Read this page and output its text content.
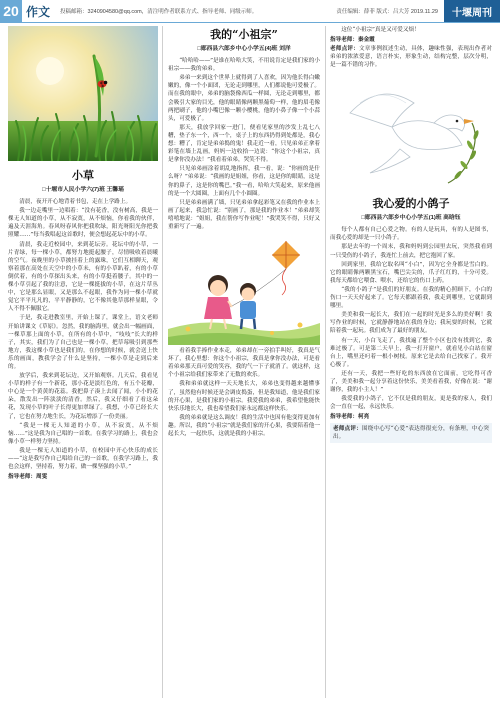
20 作文 投稿邮箱：3240904580@qq.com，清注明作者联系方式、指导老师、同级示师。	责任编辑：薛菲 版式：吕大芳 2019.11.29	十堰周刊
小草
□十堰市人民小学六(7)班 王馨瑶

清晨，夜开开心地背着书包，走在上学路上。

我一边走嘴里一边唱着：“没有花香，没有树高，我是一棵无人知道的小草，从不寂寞，从不烦恼，你看我的伙伴，遍及天涯海角。春风呀春风你把我吹绿，阳光呀阳光你把我照耀……”每当我唱起这首歌时，便会想起花坛中的小草。

清晨，我走近校园中，来到花坛旁。花坛中的小草，一片青绿，每一棵小草，都努力地挺起腰子，尽情吸收着晨曦的空气。夜晚里的小草披挂着上的露珠，它们互相聊天，观察着那在高处在天空中的小草未，有的小草趴着，有的小草倒伏着，有的小草探出头来，有的小草挺着腰子。其中的一棵小草引起了我的注意，它是一棵挺拔的小草，在这片草丛中，它是那么显眼，又是那么不起眼，我作为同一棵小草就觉它平平凡凡的，平平静静的，它不像其他草那样显眼，令人不得不佩服它。

于是，我走进教室里，开始上课了，课堂上，语文老师开始讲课文《草原》。忽然，我的脑海里，就会出一幅画面，一棵草那上面的小草，在所有的小草中，“吱吱”长大的样子，其实，我们为了自己也是一棵小草，把草莓吸引到那些地方，我这棵小草也是我们的，在你想的时候，就会送上快乐的画面，教我学会了什么是坚持，一棵小草是走到后来的。

放学后，我来到花坛边，又开始观察。几天后，我看见小草的样子有一个新花，那小花是淡红色的，有五个花瓣，中心是一个黄黄的花蕊。我把鼻子凑上去闻了闻，小小的花朵，散发出一阵淡淡的清香。然后，我又仔细看了看这朵花，发现小草的叶子长得更加翠绿了。我想，小草已经长大了，它也在努力地生长，为花坛增添了一份美丽。

“我是一棵无人知道的小草，从不寂寞，从不烦恼……”这是我为自己唱的一首歌。在我学习的路上，我也会像小草一样努力坚持。

我是一棵无人知道的小草，在校园中开心快乐的成长——“这是我写作自己唱给自己的一首歌，在我学习路上，我也会这样，坚持着，努力着，做一棵坚强的小草。”

指导老师：周雯
我的“小祖宗”
□郧西县六郎乡中心小学五(4)班 刘洋

“哈哈哈——”是谁在哈哈大笑，不用说肯定是我们家的小祖宗——我的弟弟。

弟弟一来到这个世界上就得到了人喜欢，因为他长得白嫩嫩的，像一个小面团，无论走到哪里，人们都说他可爱极了。而在我的眼中，弟弟的脑袋像西瓜一样圆，无论走到哪里，都会吸引大家的目光，他的眼睛像两颗黑葡萄一样，他的眉毛像两把刷子，他的小嘴巴像一颗小樱桃，他的小鼻子像一个小蒜头，可爱极了。

那天，我放学回家一进门，便看见家里的沙发上乱七八糟，垫子东一个，西一个，桌子上的东西扔得到处都是，我心想：糟了，肯定是弟弟捣的鬼！我走近一看，只见弟弟正拿着彩笔在墙上乱画，妈妈一边收拾一边说：“你这个小祖宗，真是拿你没办法！”我看着弟弟，哭笑不得。

只见弟弟画涂着胡乱地指挥，我一看，说：“你画的是什么呀？”弟弟说：“我画的是姐姐，你看，这是你的眼睛，这是你的鼻子，这是你的嘴巴。”我一看，哈哈大笑起来，原来他画的是一个大圆圈，上面有几个小圆圈。

只是弟弟画满了墙，只见弟弟拿起彩笔又在我的作业本上画了起来，我急忙说：“别画了，那是我的作业本！”弟弟却笑嘻嘻地说：“姐姐，我在帮你写作业呢！”我哭笑不得，只好又重新写了一遍。

看着我手捧作业本走，弟弟却在一旁拍手叫好，我真是气坏了，我心里想：你这个小祖宗，我真是拿你没办法，可是看着弟弟那天真可爱的笑容，我的气一下子就消了。就这样，这个小祖宗给我们家带来了无数的欢乐。

我和弟弟就这样一天天地长大，弟弟也变得越来越懂事了，虽然他有时候还是会调皮捣蛋，但是我知道，他是我们家的开心果，是我们家的小祖宗。我爱我的弟弟，我希望他能快快乐乐地长大，我也希望我们家永远都这样快乐。

我的弟弟就是这么调皮！我的生活中也因有他变得更加有趣。所以，我的“小祖宗”就是我们家的开心果，我要陪着他一起长大，一起快乐，这就是我的小祖宗。

这位“小祖宗”真是又可爱又烦！

指导老师：秦金霞
老师点评：文章事例叙述生动，具体，趣味性强，表现出作者对弟弟的浓浓爱意，语言朴实，形象生动，结构完整，层次分明，是一篇不错的习作。
我心爱的小鸽子
□郧西县六郎乡中心小学五(1)班 高晗钰

每个人都有自己心爱之物。有的人是玩具，有的人是图书，而我心爱的却是一只小鸽子。

那是去年的一个周末，我和妈妈到公园里去玩，突然我看到一只受伤的小鸽子，我连忙上前去，把它抱回了家。

回到家里，我给它取名叫“小白”，因为它全身都是雪白的。它的眼睛像两颗黑宝石，嘴巴尖尖的，爪子红红的，十分可爱。我每天都给它喂食、喂水，还给它的伤口上药。

“我的小鸽子”是我们的好朋友。在我的精心照顾下，小白的伤口一天天好起来了。它每天都跟着我，我走到哪里，它就跟到哪里。

美美和我一起长大，我们在一起的时光是多么的美好啊！我写作业的时候，它就静静地站在我的身边；我玩耍的时候，它就陪着我一起玩。我们成为了最好的朋友。

有一天，小白飞走了，我找遍了整个小区也没有找到它，我难过极了。可是第二天早上，我一打开窗户，就看见小白站在窗台上，嘴里还叼着一根小树枝。原来它是去给自己找家了。我开心极了。

还有一天，我把一些好吃的东西放在它面前，它吃得可香了，美美和我一起分享着这份快乐，美美看着我，好像在说：“谢谢你，我的小主人！”

我爱我的小鸽子，它不仅是我的朋友，更是我的家人，我们会一直在一起，永远快乐。

指导老师：柯亮
老师点评：围绕中心写“心爱”表达得很充分，有条理，中心突出。
